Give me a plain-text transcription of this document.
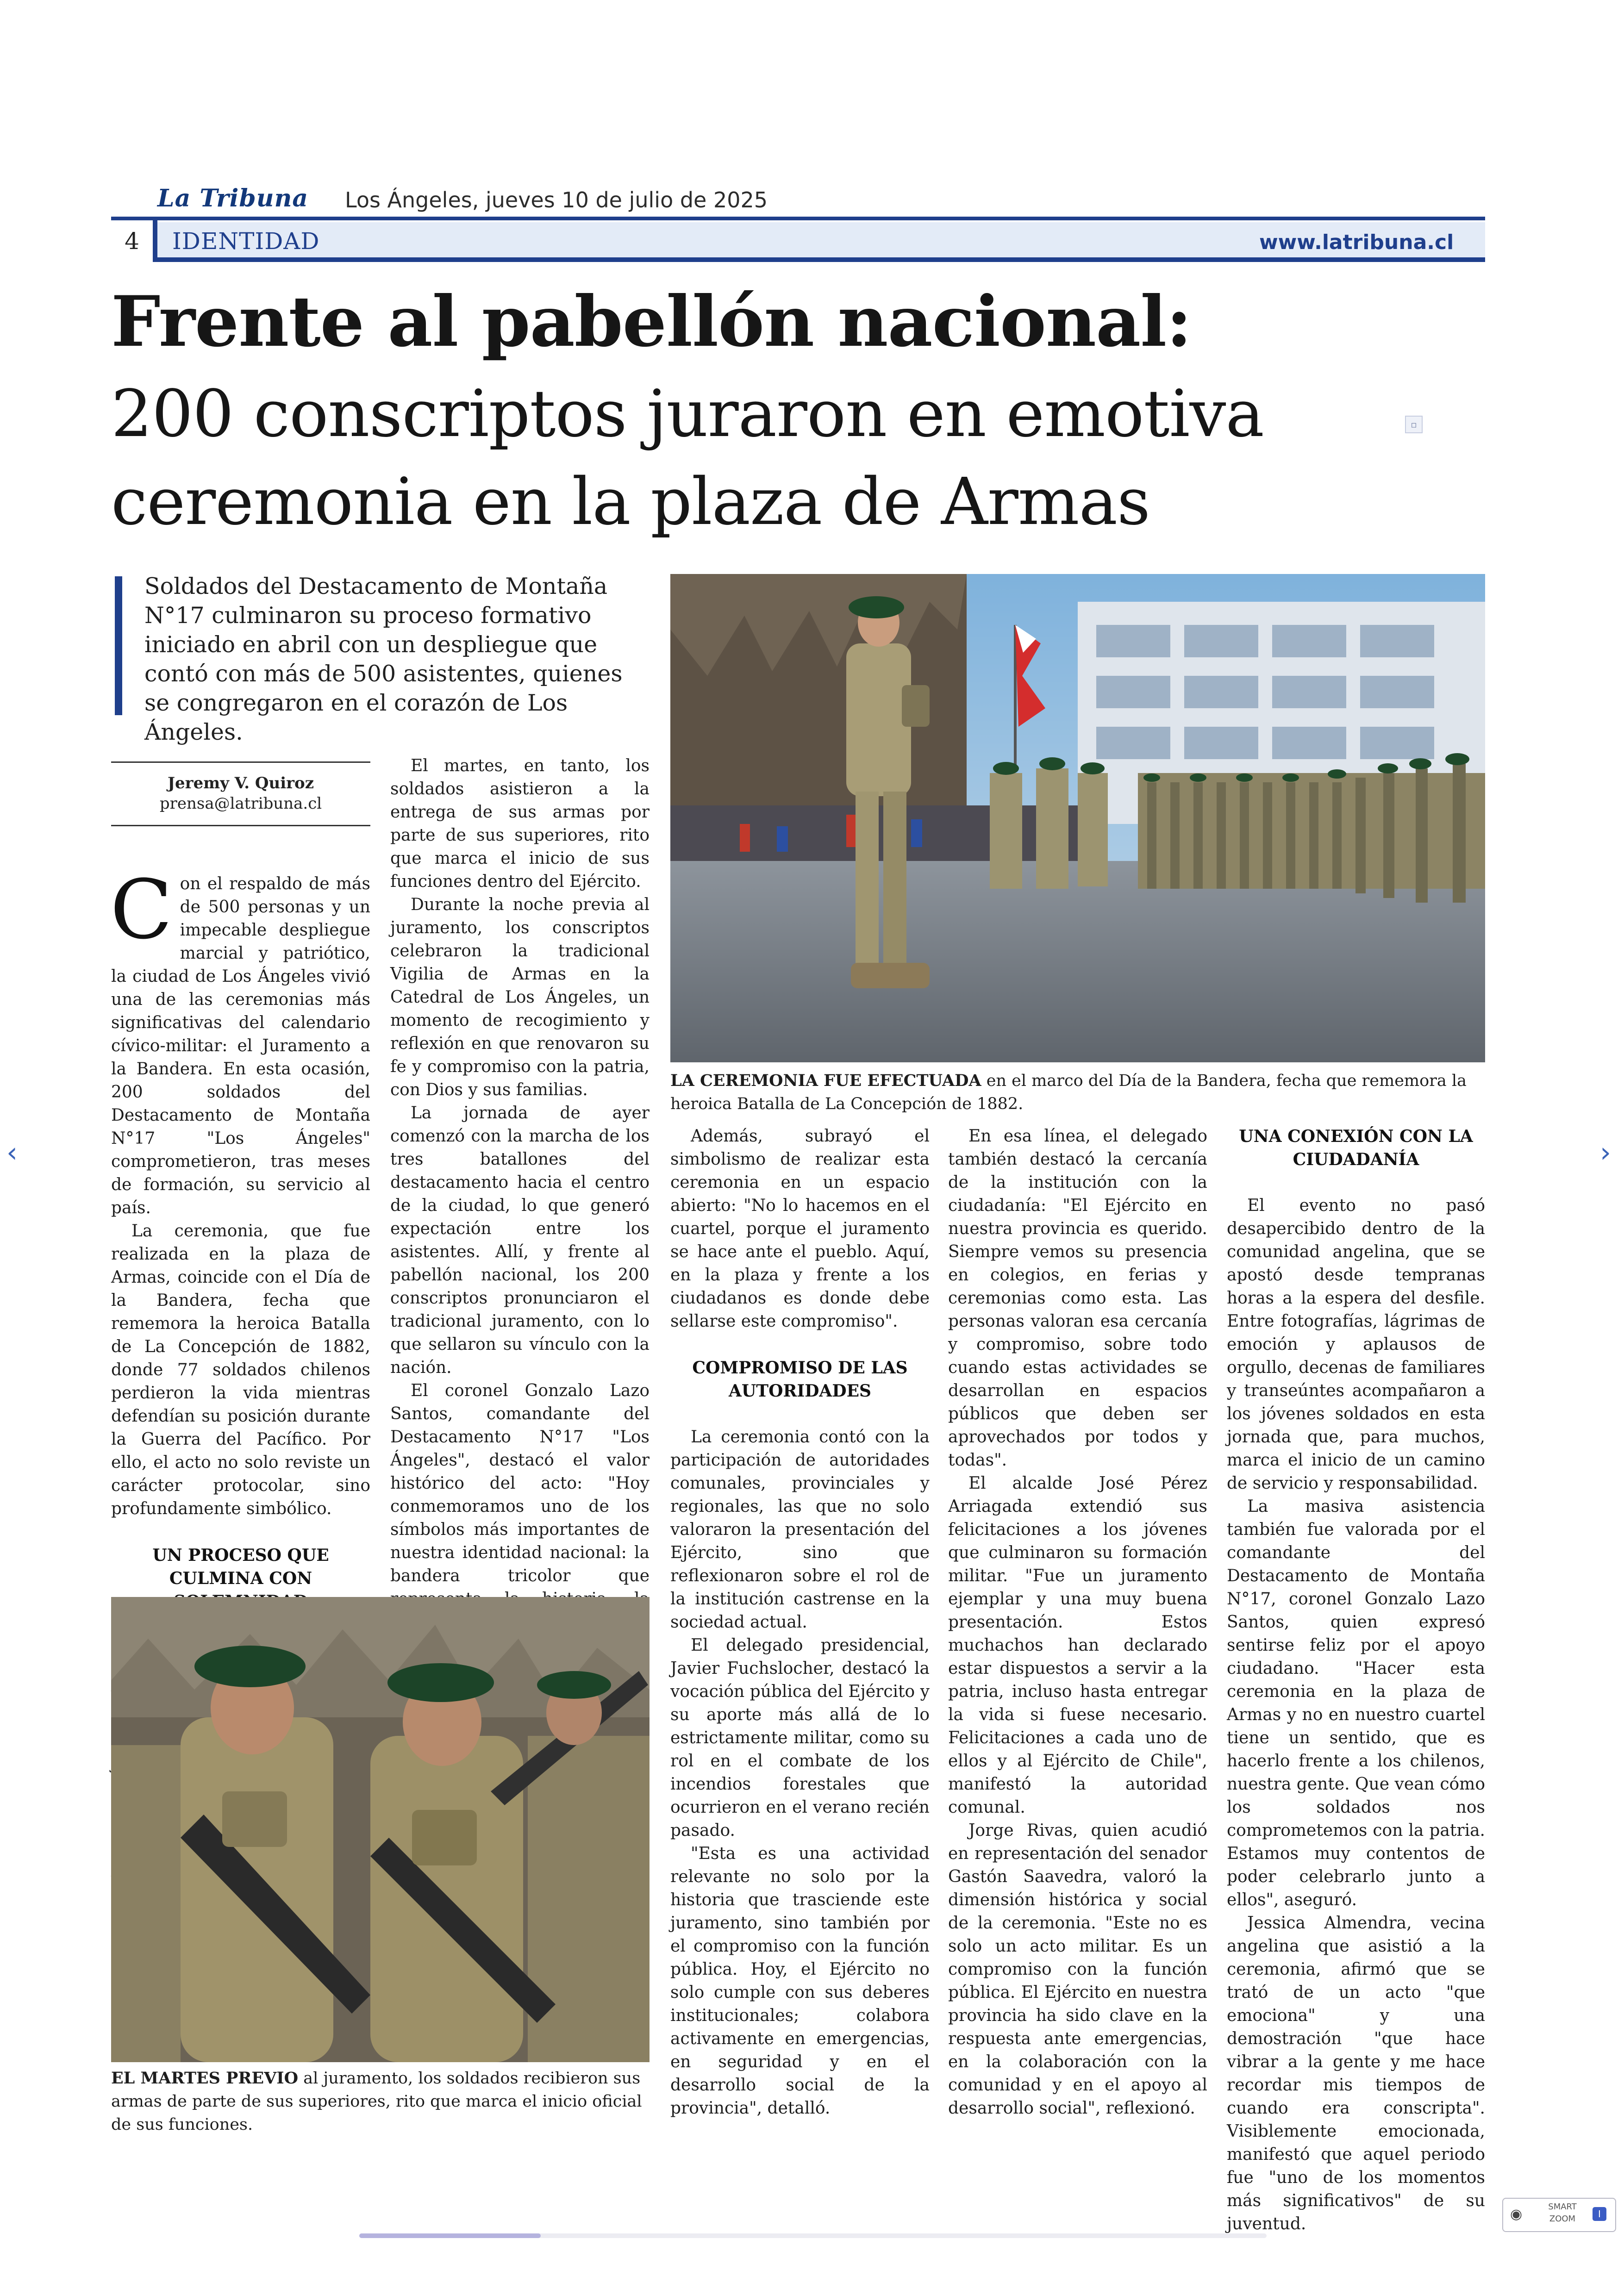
La Tribuna Los Ángeles, jueves 10 de julio de 2025
4	IDENTIDAD	www.latribuna.cl
Frente al pabellón nacional:
200 conscriptos juraron en emotiva ceremonia en la plaza de Armas
▫
Soldados del Destacamento de Montaña N°17 culminaron su proceso formativo iniciado en abril con un despliegue que contó con más de 500 asistentes, quienes se congregaron en el corazón de Los Ángeles.
Jeremy V. Quiroz
prensa@latribuna.cl

Con el respaldo de más de 500 personas y un impecable despliegue marcial y patriótico, la ciudad de Los Ángeles vivió una de las ceremonias más significativas del calendario cívico-militar: el Juramento a la Bandera. En esta ocasión, 200 soldados del Destacamento de Montaña N°17 "Los Ángeles" comprometieron, tras meses de formación, su servicio al país.

La ceremonia, que fue realizada en la plaza de Armas, coincide con el Día de la Bandera, fecha que rememora la heroica Batalla de La Concepción de 1882, donde 77 soldados chilenos perdieron la vida mientras defendían su posición durante la Guerra del Pacífico. Por ello, el acto no solo reviste un carácter protocolar, sino profundamente simbólico.

UN PROCESO QUE CULMINA CON

El martes, en tanto, los soldados asistieron a la entrega de sus armas por parte de sus superiores, rito que marca el inicio de sus funciones dentro del Ejército.

Durante la noche previa al juramento, los conscriptos celebraron la tradicional Vigilia de Armas en la Catedral de Los Ángeles, un momento de recogimiento y reflexión en que renovaron su fe y compromiso con la patria, con Dios y sus familias.

La jornada de ayer comenzó con la marcha de los tres batallones del destacamento hacia el centro de la ciudad, lo que generó expectación entre los asistentes. Allí, y frente al pabellón nacional, los 200 conscriptos pronunciaron el tradicional juramento, con lo que sellaron su vínculo con la nación.

El coronel Gonzalo Lazo Santos, comandante del Destacamento N°17 "Los Ángeles", destacó el valor histórico del acto: "Hoy conmemoramos uno de los símbolos más importantes de nuestra identidad nacional: la bandera tricolor que

Además, subrayó el simbolismo de realizar esta ceremonia en un espacio abierto: "No lo hacemos en el cuartel, porque el juramento se hace ante el pueblo. Aquí, en la plaza y frente a los ciudadanos es donde debe sellarse este compromiso".

COMPROMISO DE LAS AUTORIDADES

La ceremonia contó con la participación de autoridades comunales, provinciales y regionales, las que no solo valoraron la presentación del Ejército, sino que reflexionaron sobre el rol de la institución castrense en la sociedad actual.

El delegado presidencial, Javier Fuchslocher, destacó la vocación pública del Ejército y su aporte más allá de lo estrictamente militar, como su rol en el combate de los incendios forestales que ocurrieron en el verano recién pasado.

"Esta es una actividad relevante no solo por la historia que trasciende este juramento, sino también por el compromiso con la función pública. Hoy, el Ejército no solo cumple con sus deberes institucionales; colabora activamente en emergencias, en seguridad y en el desarrollo social de la provincia", detalló.

En esa línea, el delegado también destacó la cercanía de la institución con la ciudadanía: "El Ejército en nuestra provincia es querido. Siempre vemos su presencia en colegios, en ferias y ceremonias como esta. Las personas valoran esa cercanía y compromiso, sobre todo cuando estas actividades se desarrollan en espacios públicos que deben ser aprovechados por todos y todas".

El alcalde José Pérez Arriagada extendió sus felicitaciones a los jóvenes que culminaron su formación militar. "Fue un juramento ejemplar y una muy buena presentación. Estos muchachos han declarado estar dispuestos a servir a la patria, incluso hasta entregar la vida si fuese necesario. Felicitaciones a cada uno de ellos y al Ejército de Chile", manifestó la autoridad comunal.

Jorge Rivas, quien acudió en representación del senador Gastón Saavedra, valoró la dimensión histórica y social de la ceremonia. "Este no es solo un acto militar. Es un compromiso con la función pública. El Ejército en nuestra provincia ha sido clave en la respuesta ante emergencias, en la colaboración con la comunidad y en el apoyo al desarrollo social", reflexionó.

UNA CONEXIÓN CON LA CIUDADANÍA

El evento no pasó desapercibido dentro de la comunidad angelina, que se apostó desde tempranas horas a la espera del desfile. Entre fotografías, lágrimas de emoción y aplausos de orgullo, decenas de familiares y transeúntes acompañaron a los jóvenes soldados en esta jornada que, para muchos, marca el inicio de un camino de servicio y responsabilidad.

La masiva asistencia también fue valorada por el comandante del Destacamento de Montaña N°17, coronel Gonzalo Lazo Santos, quien expresó sentirse feliz por el apoyo ciudadano. "Hacer esta ceremonia en la plaza de Armas y no en nuestro cuartel tiene un sentido, que es hacerlo frente a los chilenos, nuestra gente. Que vean cómo los soldados nos comprometemos con la patria. Estamos muy contentos de poder celebrarlo junto a ellos", aseguró.

Jessica Almendra, vecina angelina que asistió a la ceremonia, afirmó que se trató de un acto "que emociona" y una demostración "que hace vibrar a la gente y me hace recordar mis tiempos de cuando era conscripta". Visiblemente emocionada, manifestó que aquel periodo fue "uno de los momentos más significativos" de su juventud.

LA CEREMONIA FUE EFECTUADA en el marco del Día de la Bandera, fecha que rememora la heroica Batalla de La Concepción de 1882.
EL MARTES PREVIO al juramento, los soldados recibieron sus armas de parte de sus superiores, rito que marca el inicio oficial de sus funciones.
‹	›
◉	SMART
ZOOM	I
